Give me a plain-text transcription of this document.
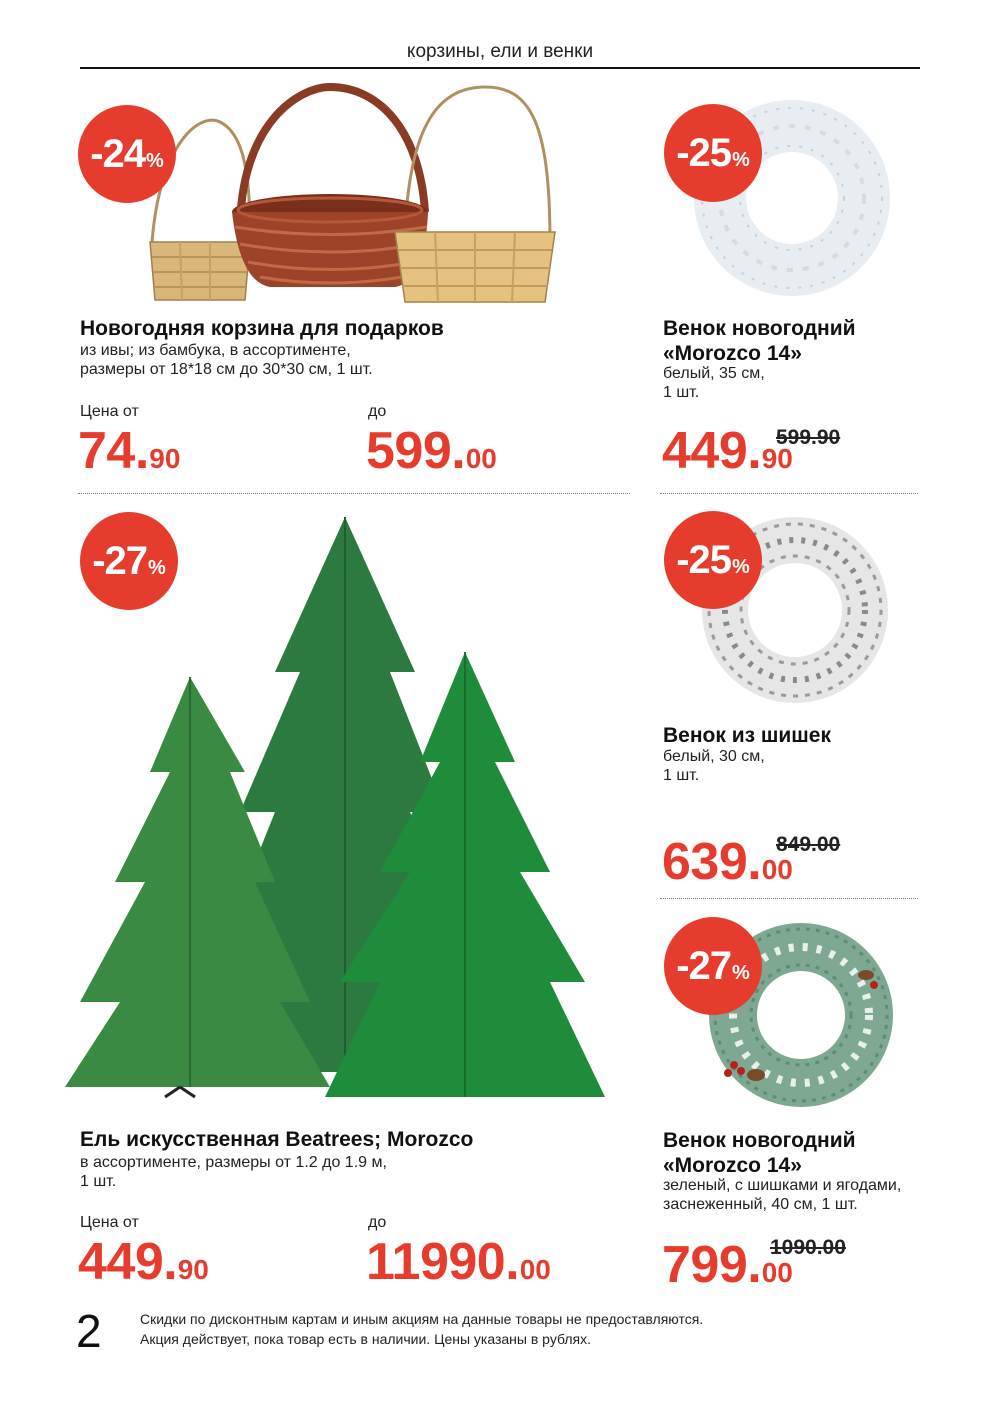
корзины, ели и венки
-24 %
Новогодняя корзина для подарков
из ивы; из бамбука, в ассортименте,
размеры от 18*18 см до 30*30 см, 1 шт.
Цена от
74.90
до
599.00
-25 %
Венок новогодний
«Morozco 14»
белый, 35 см,
1 шт.
449.90
599.90
-27 %
Ель искусственная Beatrees; Morozco
в ассортименте, размеры от 1.2 до 1.9 м,
1 шт.
Цена от
449.90
до
11990.00
-25 %
Венок из шишек
белый, 30 см,
1 шт.
639.00
849.00
-27 %
Венок новогодний
«Morozco 14»
зеленый, с шишками и ягодами,
заснеженный, 40 см, 1 шт.
799.00
1090.00
2	Скидки по дисконтным картам и иным акциям на данные товары не предоставляются.
Акция действует, пока товар есть в наличии. Цены указаны в рублях.
